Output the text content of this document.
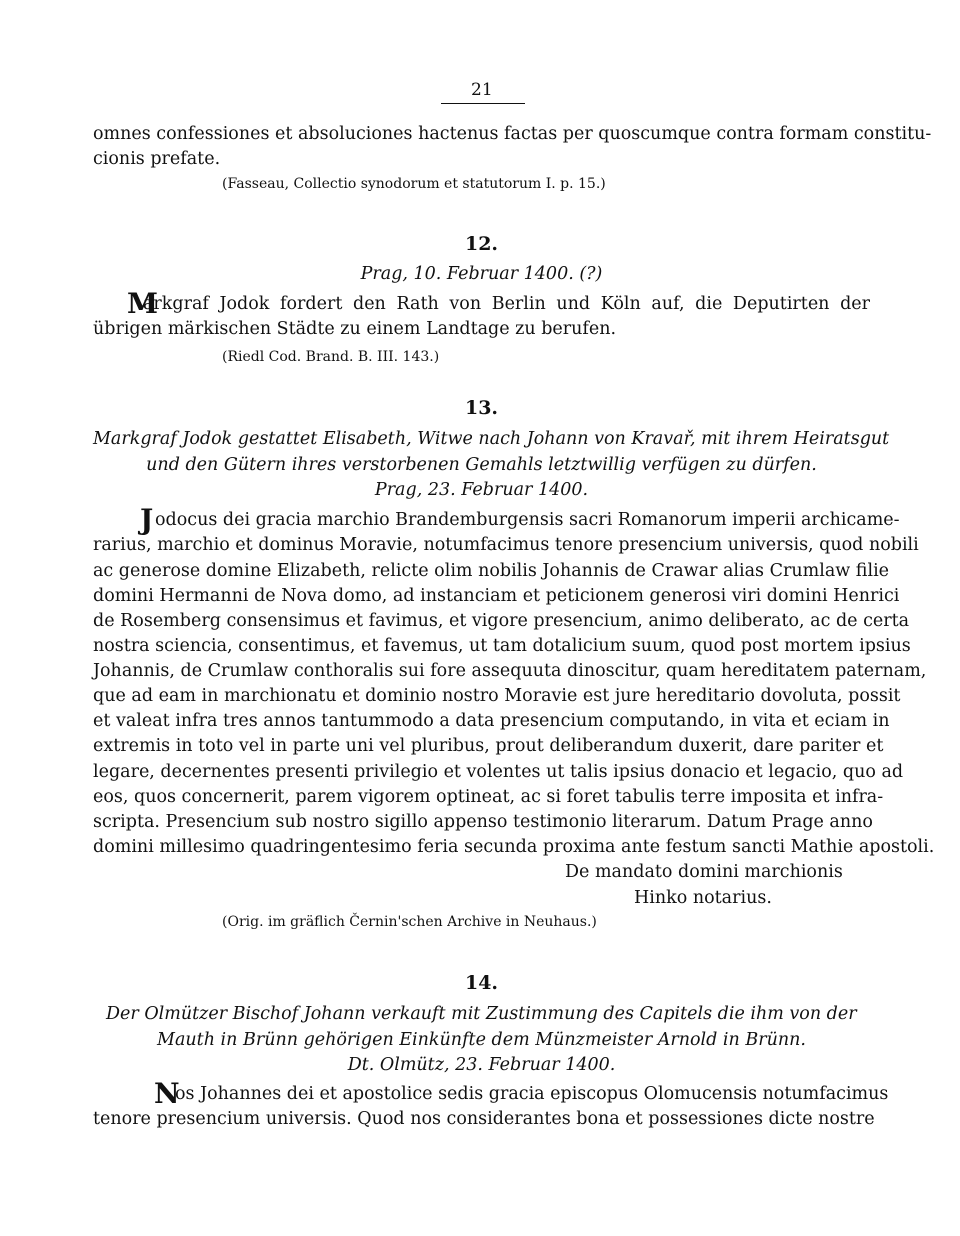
21
omnes confessiones et absoluciones hactenus factas per quoscumque contra formam constitu-
cionis prefate.
(Fasseau, Collectio synodorum et statutorum I. p. 15.)
12.
Prag, 10. Februar 1400. (?)
M
arkgraf Jodok fordert den Rath von Berlin und Köln auf, die Deputirten der
übrigen märkischen Städte zu einem Landtage zu berufen.
(Riedl Cod. Brand. B. III. 143.)
13.
Markgraf Jodok gestattet Elisabeth, Witwe nach Johann von Kravař, mit ihrem Heiratsgut
und den Gütern ihres verstorbenen Gemahls letztwillig verfügen zu dürfen.
Prag, 23. Februar 1400.
J odocus dei gracia marchio Brandemburgensis sacri Romanorum imperii archicame-
rarius, marchio et dominus Moravie, notumfacimus tenore presencium universis, quod nobili
ac generose domine Elizabeth, relicte olim nobilis Johannis de Crawar alias Crumlaw filie
domini Hermanni de Nova domo, ad instanciam et peticionem generosi viri domini Henrici
de Rosemberg consensimus et favimus, et vigore presencium, animo deliberato, ac de certa
nostra sciencia, consentimus, et favemus, ut tam dotalicium suum, quod post mortem ipsius
Johannis, de Crumlaw conthoralis sui fore assequuta dinoscitur, quam hereditatem paternam,
que ad eam in marchionatu et dominio nostro Moravie est jure hereditario dovoluta, possit
et valeat infra tres annos tantummodo a data presencium computando, in vita et eciam in
extremis in toto vel in parte uni vel pluribus, prout deliberandum duxerit, dare pariter et
legare, decernentes presenti privilegio et volentes ut talis ipsius donacio et legacio, quo ad
eos, quos concernerit, parem vigorem optineat, ac si foret tabulis terre imposita et infra-
scripta. Presencium sub nostro sigillo appenso testimonio literarum. Datum Prage anno
domini millesimo quadringentesimo feria secunda proxima ante festum sancti Mathie apostoli.
De mandato domini marchionis
Hinko notarius.
(Orig. im gräflich Černin'schen Archive in Neuhaus.)
14.
Der Olmützer Bischof Johann verkauft mit Zustimmung des Capitels die ihm von der
Mauth in Brünn gehörigen Einkünfte dem Münzmeister Arnold in Brünn.
Dt. Olmütz, 23. Februar 1400.
N
os Johannes dei et apostolice sedis gracia episcopus Olomucensis notumfacimus
tenore presencium universis. Quod nos considerantes bona et possessiones dicte nostre
